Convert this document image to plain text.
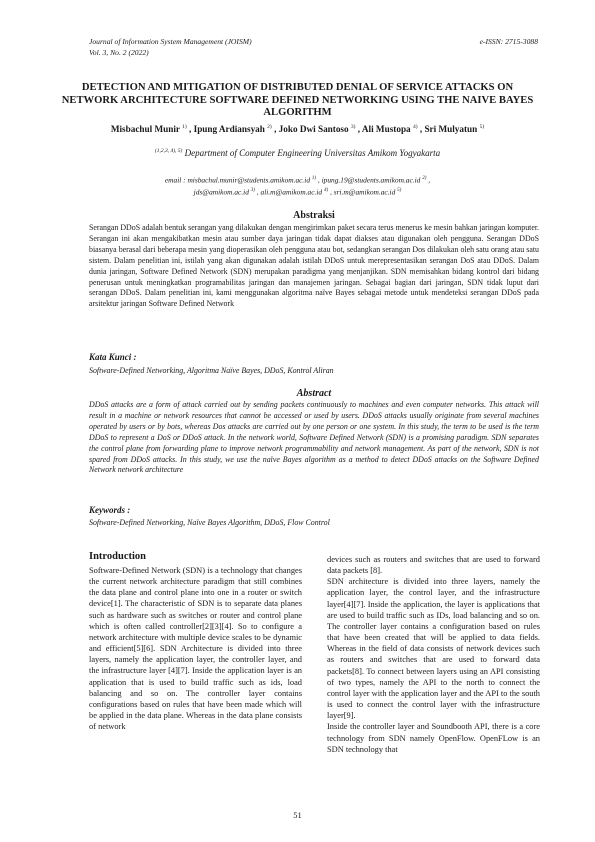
Journal of Information System Management (JOISM)
Vol. 3, No. 2 (2022)
e-ISSN: 2715-3088
DETECTION AND MITIGATION OF DISTRIBUTED DENIAL OF SERVICE ATTACKS ON NETWORK ARCHITECTURE SOFTWARE DEFINED NETWORKING USING THE NAIVE BAYES ALGORITHM
Misbachul Munir $^{1)}$ , Ipung Ardiansyah $^{2)}$ , Joko Dwi Santoso $^{3)}$ , Ali Mustopa $^{4)}$ , Sri Mulyatun $^{5)}$
$^{(1,2,3, 4), 5)}$ Department of Computer Engineering Universitas Amikom Yogyakarta
email : misbachul.munir@students.amikom.ac.id $^{1)}$ , ipung.19@students.amikom.ac.id $^{2)}$ ,
jds@amikom.ac.id $^{3)}$ , ali.m@amikom.ac.id $^{4)}$ , sri.m@amikom.ac.id $^{5)}$
Abstraksi

Serangan DDoS adalah bentuk serangan yang dilakukan dengan mengirimkan paket secara terus menerus ke mesin bahkan jaringan komputer. Serangan ini akan mengakibatkan mesin atau sumber daya jaringan tidak dapat diakses atau digunakan oleh pengguna. Serangan DDoS biasanya berasal dari beberapa mesin yang dioperasikan oleh pengguna atau bot, sedangkan serangan Dos dilakukan oleh satu orang atau satu sistem. Dalam penelitian ini, istilah yang akan digunakan adalah istilah DDoS untuk merepresentasikan serangan DoS atau DDoS. Dalam dunia jaringan, Software Defined Network (SDN) merupakan paradigma yang menjanjikan. SDN memisahkan bidang kontrol dari bidang penerusan untuk meningkatkan programabilitas jaringan dan manajemen jaringan. Sebagai bagian dari jaringan, SDN tidak luput dari serangan DDoS. Dalam penelitian ini, kami menggunakan algoritma naïve Bayes sebagai metode untuk mendeteksi serangan DDoS pada arsitektur jaringan Software Defined Network

Kata Kunci :
Software-Defined Networking, Algoritma Naïve Bayes, DDoS, Kontrol Aliran
Abstract

DDoS attacks are a form of attack carried out by sending packets continuously to machines and even computer networks. This attack will result in a machine or network resources that cannot be accessed or used by users. DDoS attacks usually originate from several machines operated by users or by bots, whereas Dos attacks are carried out by one person or one system. In this study, the term to be used is the term DDoS to represent a DoS or DDoS attack. In the network world, Software Defined Network (SDN) is a promising paradigm. SDN separates the control plane from forwarding plane to improve network programmability and network management. As part of the network, SDN is not spared from DDoS attacks. In this study, we use the naïve Bayes algorithm as a method to detect DDoS attacks on the Software Defined Network network architecture

Keywords :
Software-Defined Networking, Naïve Bayes Algorithm, DDoS, Flow Control
Introduction

Software-Defined Network (SDN) is a technology that changes the current network architecture paradigm that still combines the data plane and control plane into one in a router or switch device[1]. The characteristic of SDN is to separate data planes such as hardware such as switches or router and control plane which is often called controller[2][3][4]. So to configure a network architecture with multiple device scales to be dynamic and efficient[5][6]. SDN Architecture is divided into three layers, namely the application layer, the controller layer, and the infrastructure layer [4][7]. Inside the application layer is an application that is used to build traffic such as ids, load balancing and so on. The controller layer contains configurations based on rules that have been made which will be applied in the data plane. Whereas in the data plane consists of network

devices such as routers and switches that are used to forward data packets [8].

SDN architecture is divided into three layers, namely the application layer, the control layer, and the infrastructure layer[4][7]. Inside the application, the layer is applications that are used to build traffic such as IDs, load balancing and so on. The controller layer contains a configuration based on rules that have been created that will be applied to data fields. Whereas in the field of data consists of network devices such as routers and switches that are used to forward data packets[8]. To connect between layers using an API consisting of two types, namely the API to the north to connect the control layer with the application layer and the API to the south is used to connect the control layer with the infrastructure layer[9].

Inside the controller layer and Soundbooth API, there is a core technology from SDN namely OpenFlow. OpenFLow is an SDN technology that

51
